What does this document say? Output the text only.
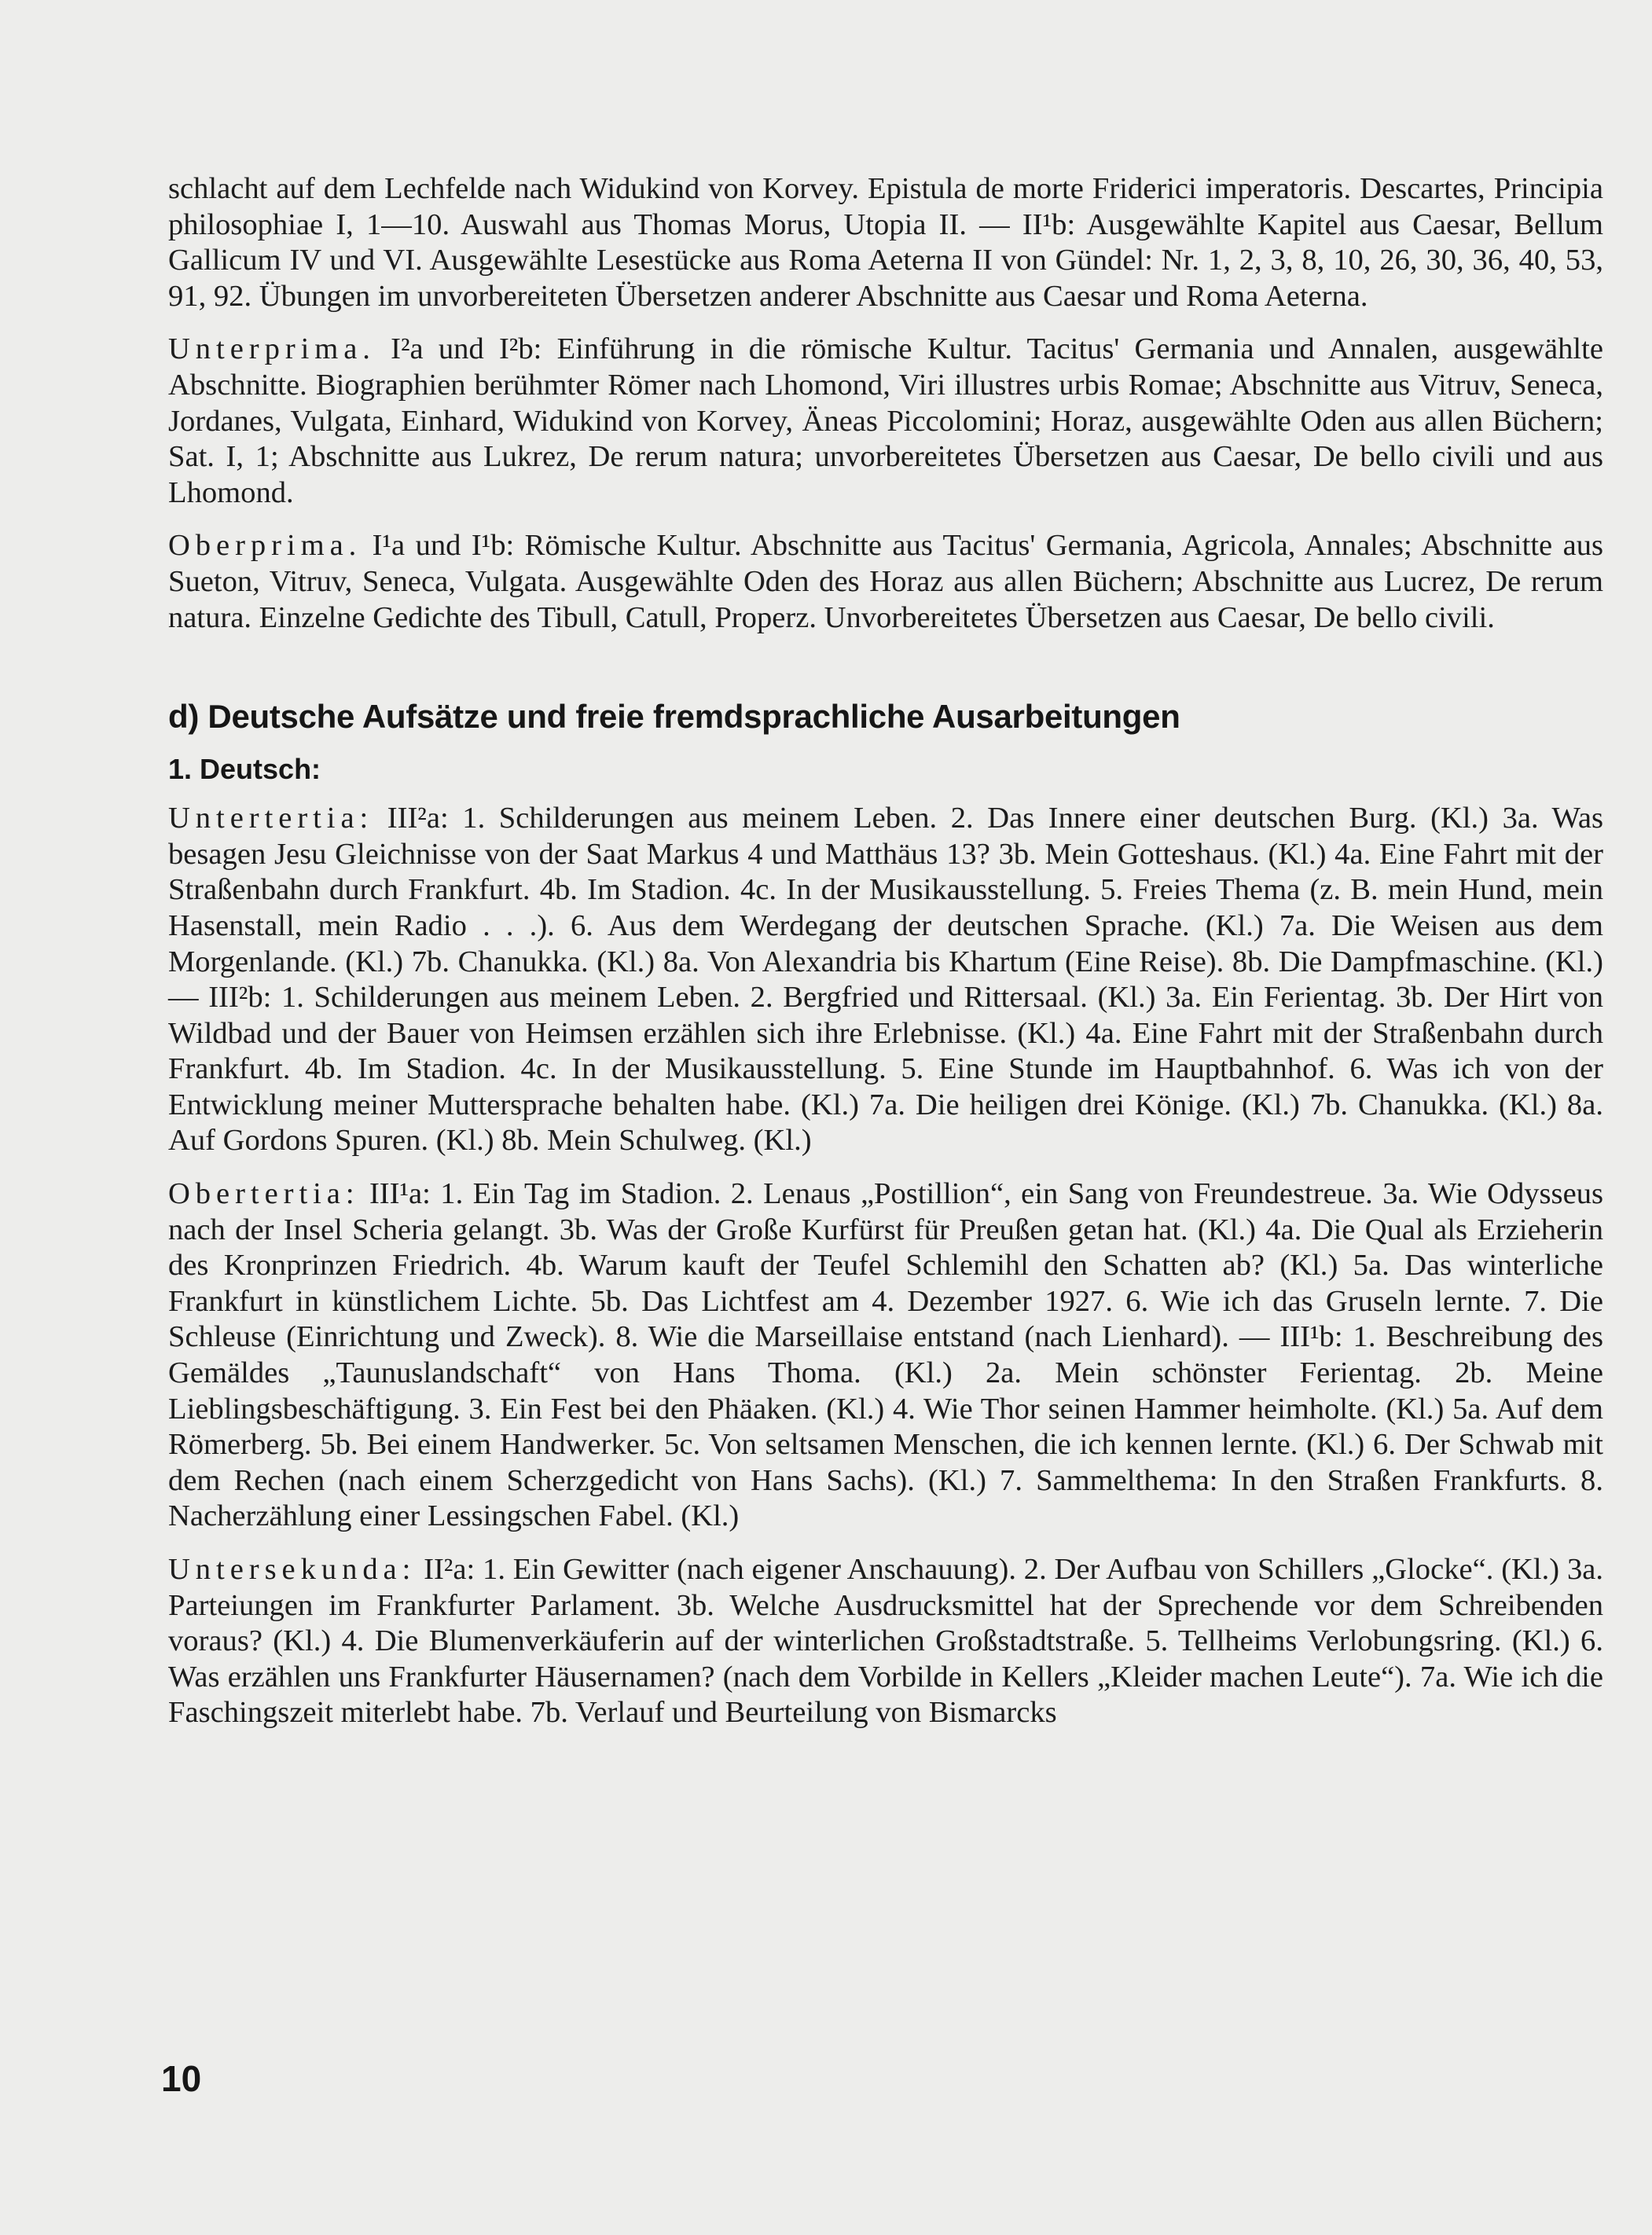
schlacht auf dem Lechfelde nach Widukind von Korvey. Epistula de morte Friderici imperatoris. Descartes, Principia philosophiae I, 1—10. Auswahl aus Thomas Morus, Utopia II. — II¹b: Ausgewählte Kapitel aus Caesar, Bellum Gallicum IV und VI. Ausgewählte Lesestücke aus Roma Aeterna II von Gündel: Nr. 1, 2, 3, 8, 10, 26, 30, 36, 40, 53, 91, 92. Übungen im unvorbereiteten Übersetzen anderer Abschnitte aus Caesar und Roma Aeterna.

Unterprima. I²a und I²b: Einführung in die römische Kultur. Tacitus' Germania und Annalen, ausgewählte Abschnitte. Biographien berühmter Römer nach Lhomond, Viri illustres urbis Romae; Abschnitte aus Vitruv, Seneca, Jordanes, Vulgata, Einhard, Widukind von Korvey, Äneas Piccolomini; Horaz, ausgewählte Oden aus allen Büchern; Sat. I, 1; Abschnitte aus Lukrez, De rerum natura; unvorbereitetes Übersetzen aus Caesar, De bello civili und aus Lhomond.

Oberprima. I¹a und I¹b: Römische Kultur. Abschnitte aus Tacitus' Germania, Agricola, Annales; Abschnitte aus Sueton, Vitruv, Seneca, Vulgata. Ausgewählte Oden des Horaz aus allen Büchern; Abschnitte aus Lucrez, De rerum natura. Einzelne Gedichte des Tibull, Catull, Properz. Unvorbereitetes Übersetzen aus Caesar, De bello civili.

d) Deutsche Aufsätze und freie fremdsprachliche Ausarbeitungen
1. Deutsch:

Untertertia: III²a: 1. Schilderungen aus meinem Leben. 2. Das Innere einer deutschen Burg. (Kl.) 3a. Was besagen Jesu Gleichnisse von der Saat Markus 4 und Matthäus 13? 3b. Mein Gotteshaus. (Kl.) 4a. Eine Fahrt mit der Straßenbahn durch Frankfurt. 4b. Im Stadion. 4c. In der Musikausstellung. 5. Freies Thema (z. B. mein Hund, mein Hasenstall, mein Radio . . .). 6. Aus dem Werdegang der deutschen Sprache. (Kl.) 7a. Die Weisen aus dem Morgenlande. (Kl.) 7b. Chanukka. (Kl.) 8a. Von Alexandria bis Khartum (Eine Reise). 8b. Die Dampfmaschine. (Kl.) — III²b: 1. Schilderungen aus meinem Leben. 2. Bergfried und Rittersaal. (Kl.) 3a. Ein Ferientag. 3b. Der Hirt von Wildbad und der Bauer von Heimsen erzählen sich ihre Erlebnisse. (Kl.) 4a. Eine Fahrt mit der Straßenbahn durch Frankfurt. 4b. Im Stadion. 4c. In der Musikausstellung. 5. Eine Stunde im Hauptbahnhof. 6. Was ich von der Entwicklung meiner Muttersprache behalten habe. (Kl.) 7a. Die heiligen drei Könige. (Kl.) 7b. Chanukka. (Kl.) 8a. Auf Gordons Spuren. (Kl.) 8b. Mein Schulweg. (Kl.)

Obertertia: III¹a: 1. Ein Tag im Stadion. 2. Lenaus „Postillion“, ein Sang von Freundestreue. 3a. Wie Odysseus nach der Insel Scheria gelangt. 3b. Was der Große Kurfürst für Preußen getan hat. (Kl.) 4a. Die Qual als Erzieherin des Kronprinzen Friedrich. 4b. Warum kauft der Teufel Schlemihl den Schatten ab? (Kl.) 5a. Das winterliche Frankfurt in künstlichem Lichte. 5b. Das Lichtfest am 4. Dezember 1927. 6. Wie ich das Gruseln lernte. 7. Die Schleuse (Einrichtung und Zweck). 8. Wie die Marseillaise entstand (nach Lienhard). — III¹b: 1. Beschreibung des Gemäldes „Taunuslandschaft“ von Hans Thoma. (Kl.) 2a. Mein schönster Ferientag. 2b. Meine Lieblingsbeschäftigung. 3. Ein Fest bei den Phäaken. (Kl.) 4. Wie Thor seinen Hammer heimholte. (Kl.) 5a. Auf dem Römerberg. 5b. Bei einem Handwerker. 5c. Von seltsamen Menschen, die ich kennen lernte. (Kl.) 6. Der Schwab mit dem Rechen (nach einem Scherzgedicht von Hans Sachs). (Kl.) 7. Sammelthema: In den Straßen Frankfurts. 8. Nacherzählung einer Lessingschen Fabel. (Kl.)

Untersekunda: II²a: 1. Ein Gewitter (nach eigener Anschauung). 2. Der Aufbau von Schillers „Glocke“. (Kl.) 3a. Parteiungen im Frankfurter Parlament. 3b. Welche Ausdrucksmittel hat der Sprechende vor dem Schreibenden voraus? (Kl.) 4. Die Blumenverkäuferin auf der winterlichen Großstadtstraße. 5. Tellheims Verlobungsring. (Kl.) 6. Was erzählen uns Frankfurter Häusernamen? (nach dem Vorbilde in Kellers „Kleider machen Leute“). 7a. Wie ich die Faschingszeit miterlebt habe. 7b. Verlauf und Beurteilung von Bismarcks

10
